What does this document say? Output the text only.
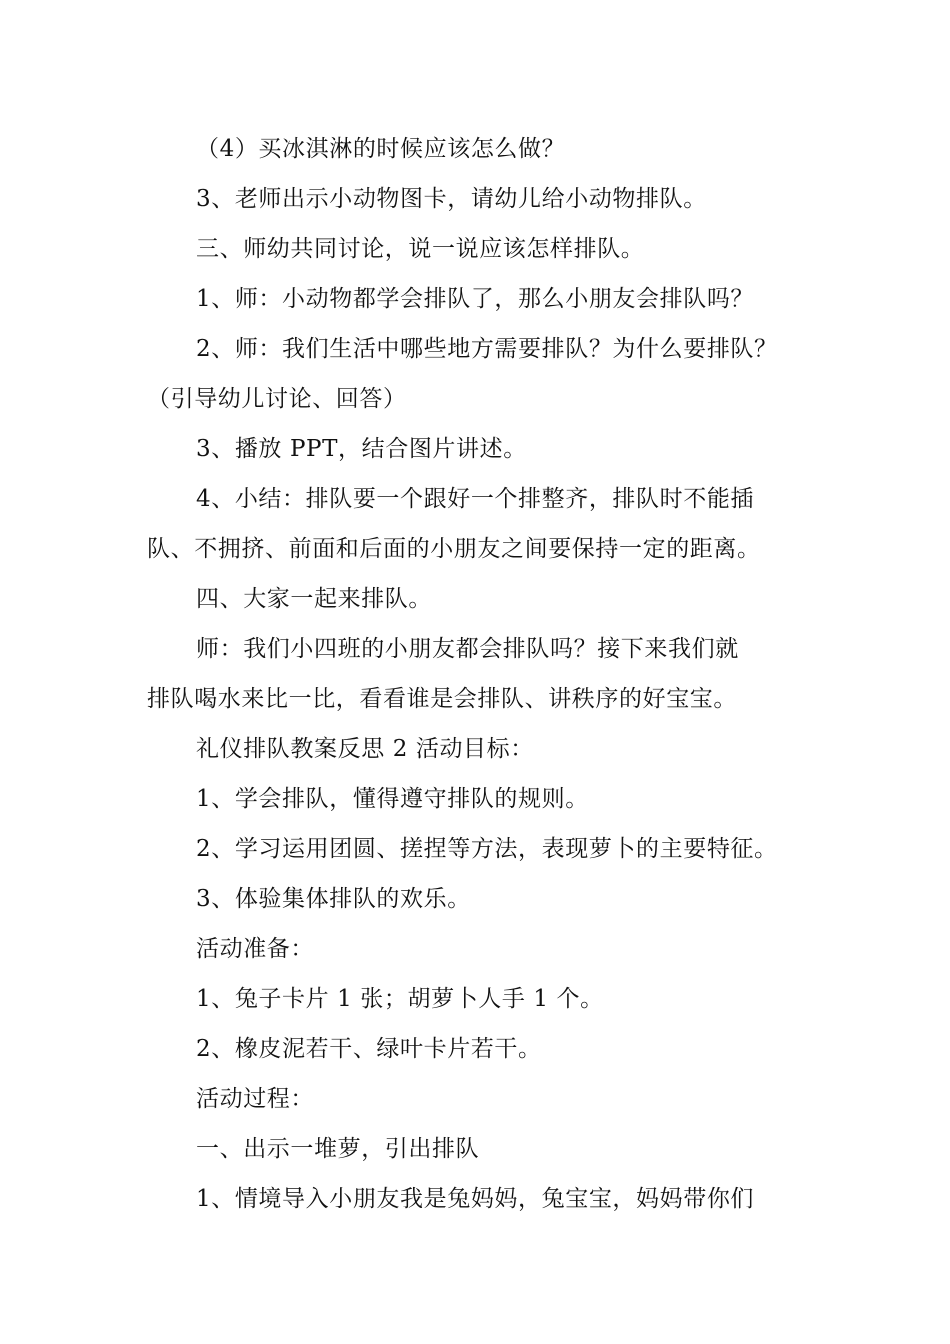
（4）买冰淇淋的时候应该怎么做？
3、老师出示小动物图卡，请幼儿给小动物排队。
三、师幼共同讨论，说一说应该怎样排队。
1、师：小动物都学会排队了，那么小朋友会排队吗？
2、师：我们生活中哪些地方需要排队？为什么要排队？
（引导幼儿讨论、回答）
3、播放 PPT，结合图片讲述。
4、小结：排队要一个跟好一个排整齐，排队时不能插
队、不拥挤、前面和后面的小朋友之间要保持一定的距离。
四、大家一起来排队。
师：我们小四班的小朋友都会排队吗？接下来我们就
排队喝水来比一比，看看谁是会排队、讲秩序的好宝宝。
礼仪排队教案反思 2 活动目标：
1、学会排队，懂得遵守排队的规则。
2、学习运用团圆、搓捏等方法，表现萝卜的主要特征。
3、体验集体排队的欢乐。
活动准备：
1、兔子卡片 1 张；胡萝卜人手 1 个。
2、橡皮泥若干、绿叶卡片若干。
活动过程：
一、出示一堆萝，引出排队
1、情境导入小朋友我是兔妈妈，兔宝宝，妈妈带你们
